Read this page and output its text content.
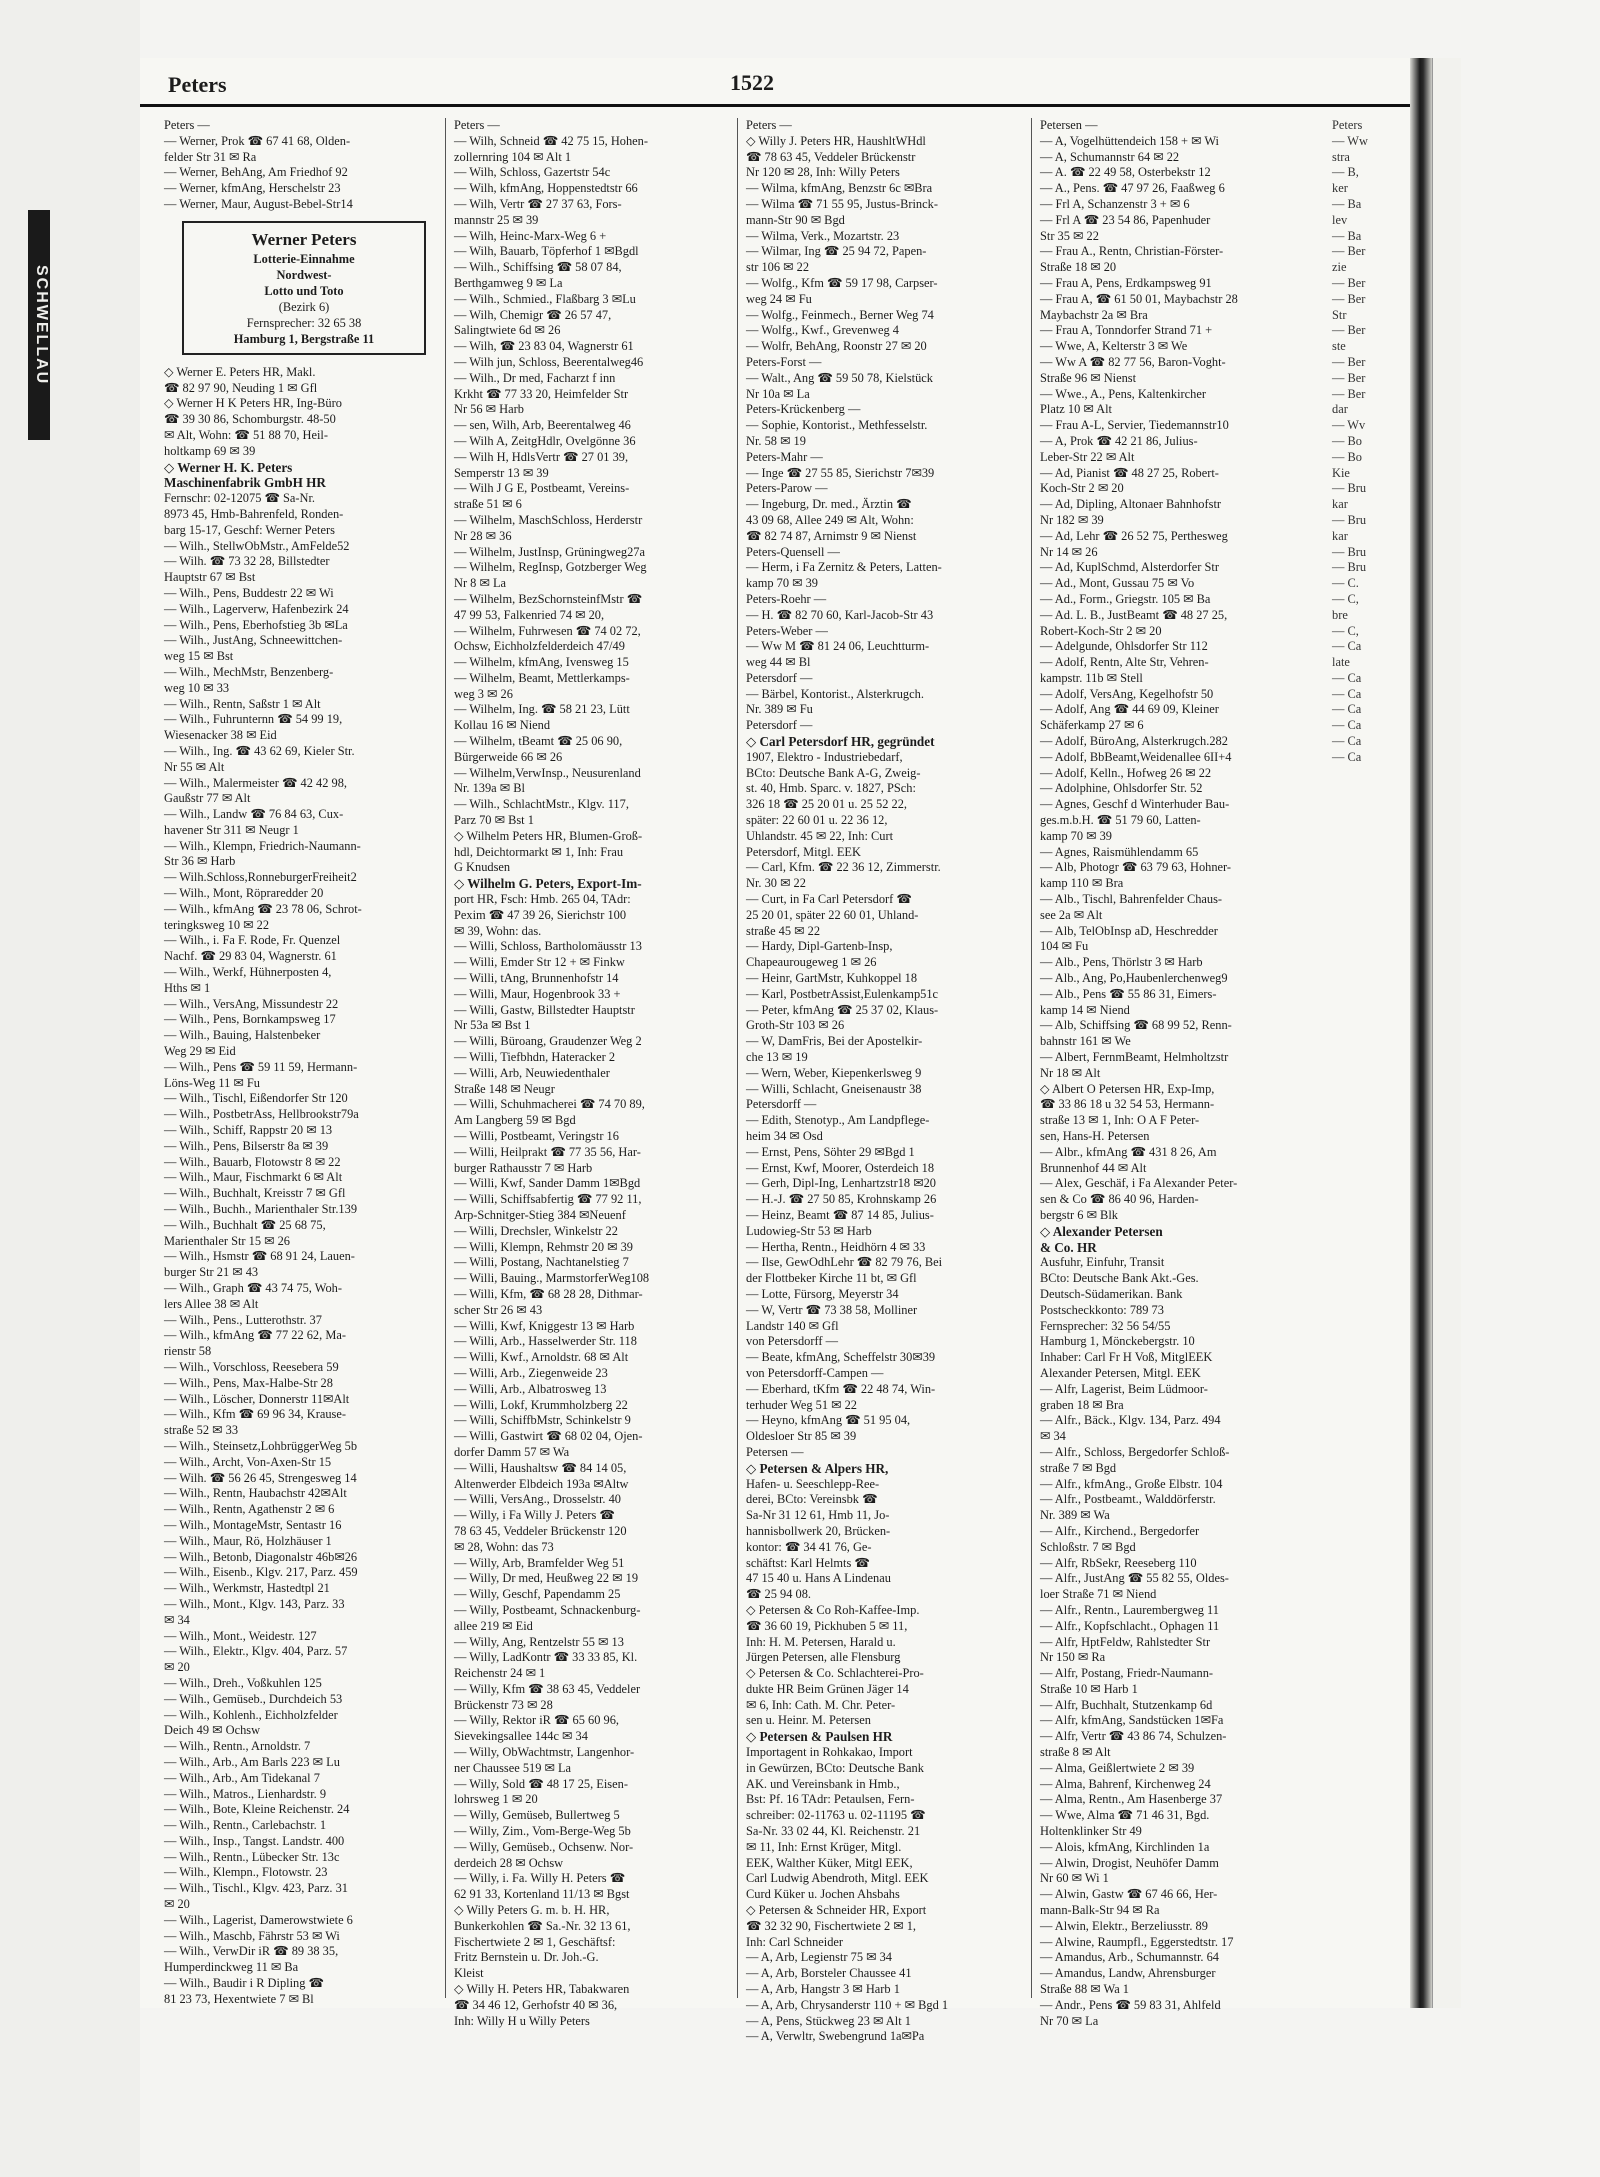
SCHWELLAU
Peters	1522
Peters —
— Werner, Prok ☎ 67 41 68, Olden-
felder Str 31 ✉ Ra
— Werner, BehAng, Am Friedhof 92
— Werner, kfmAng, Herschelstr 23
— Werner, Maur, August-Bebel-Str14
Werner Peters
Lotterie-Einnahme
Nordwest-
Lotto und Toto
(Bezirk 6)
Fernsprecher: 32 65 38
Hamburg 1, Bergstraße 11
◇ Werner E. Peters HR, Makl.
☎ 82 97 90, Neuding 1 ✉ Gfl
◇ Werner H K Peters HR, Ing-Büro
☎ 39 30 86, Schomburgstr. 48-50
✉ Alt, Wohn: ☎ 51 88 70, Heil-
holtkamp 69 ✉ 39
◇ Werner H. K. Peters
Maschinenfabrik GmbH HR
Fernschr: 02-12075 ☎ Sa-Nr.
8973 45, Hmb-Bahrenfeld, Ronden-
barg 15-17, Geschf: Werner Peters
— Wilh., StellwObMstr., AmFelde52
— Wilh. ☎ 73 32 28, Billstedter
Hauptstr 67 ✉ Bst
— Wilh., Pens, Buddestr 22 ✉ Wi
— Wilh., Lagerverw, Hafenbezirk 24
— Wilh., Pens, Eberhofstieg 3b ✉La
— Wilh., JustAng, Schneewittchen-
weg 15 ✉ Bst
— Wilh., MechMstr, Benzenberg-
weg 10 ✉ 33
— Wilh., Rentn, Saßstr 1 ✉ Alt
— Wilh., Fuhrunternn ☎ 54 99 19,
Wiesenacker 38 ✉ Eid
— Wilh., Ing. ☎ 43 62 69, Kieler Str.
Nr 55 ✉ Alt
— Wilh., Malermeister ☎ 42 42 98,
Gaußstr 77 ✉ Alt
— Wilh., Landw ☎ 76 84 63, Cux-
havener Str 311 ✉ Neugr 1
— Wilh., Klempn, Friedrich-Naumann-
Str 36 ✉ Harb
— Wilh.Schloss,RonneburgerFreiheit2
— Wilh., Mont, Röpraredder 20
— Wilh., kfmAng ☎ 23 78 06, Schrot-
teringksweg 10 ✉ 22
— Wilh., i. Fa F. Rode, Fr. Quenzel
Nachf. ☎ 29 83 04, Wagnerstr. 61
— Wilh., Werkf, Hühnerposten 4,
Hths ✉ 1
— Wilh., VersAng, Missundestr 22
— Wilh., Pens, Bornkampsweg 17
— Wilh., Bauing, Halstenbeker
Weg 29 ✉ Eid
— Wilh., Pens ☎ 59 11 59, Hermann-
Löns-Weg 11 ✉ Fu
— Wilh., Tischl, Eißendorfer Str 120
— Wilh., PostbetrAss, Hellbrookstr79a
— Wilh., Schiff, Rappstr 20 ✉ 13
— Wilh., Pens, Bilserstr 8a ✉ 39
— Wilh., Bauarb, Flotowstr 8 ✉ 22
— Wilh., Maur, Fischmarkt 6 ✉ Alt
— Wilh., Buchhalt, Kreisstr 7 ✉ Gfl
— Wilh., Buchh., Marienthaler Str.139
— Wilh., Buchhalt ☎ 25 68 75,
Marienthaler Str 15 ✉ 26
— Wilh., Hsmstr ☎ 68 91 24, Lauen-
burger Str 21 ✉ 43
— Wilh., Graph ☎ 43 74 75, Woh-
lers Allee 38 ✉ Alt
— Wilh., Pens., Lutterothstr. 37
— Wilh., kfmAng ☎ 77 22 62, Ma-
rienstr 58
— Wilh., Vorschloss, Reesebera 59
— Wilh., Pens, Max-Halbe-Str 28
— Wilh., Löscher, Donnerstr 11✉Alt
— Wilh., Kfm ☎ 69 96 34, Krause-
straße 52 ✉ 33
— Wilh., Steinsetz,LohbrüggerWeg 5b
— Wilh., Archt, Von-Axen-Str 15
— Wilh. ☎ 56 26 45, Strengesweg 14
— Wilh., Rentn, Haubachstr 42✉Alt
— Wilh., Rentn, Agathenstr 2 ✉ 6
— Wilh., MontageMstr, Sentastr 16
— Wilh., Maur, Rö, Holzhäuser 1
— Wilh., Betonb, Diagonalstr 46b✉26
— Wilh., Eisenb., Klgv. 217, Parz. 459
— Wilh., Werkmstr, Hastedtpl 21
— Wilh., Mont., Klgv. 143, Parz. 33
✉ 34
— Wilh., Mont., Weidestr. 127
— Wilh., Elektr., Klgv. 404, Parz. 57
✉ 20
— Wilh., Dreh., Voßkuhlen 125
— Wilh., Gemüseb., Durchdeich 53
— Wilh., Kohlenh., Eichholzfelder
Deich 49 ✉ Ochsw
— Wilh., Rentn., Arnoldstr. 7
— Wilh., Arb., Am Barls 223 ✉ Lu
— Wilh., Arb., Am Tidekanal 7
— Wilh., Matros., Lienhardstr. 9
— Wilh., Bote, Kleine Reichenstr. 24
— Wilh., Rentn., Carlebachstr. 1
— Wilh., Insp., Tangst. Landstr. 400
— Wilh., Rentn., Lübecker Str. 13c
— Wilh., Klempn., Flotowstr. 23
— Wilh., Tischl., Klgv. 423, Parz. 31
✉ 20
— Wilh., Lagerist, Damerowstwiete 6
— Wilh., Maschb, Fährstr 53 ✉ Wi
— Wilh., VerwDir iR ☎ 89 38 35,
Humperdinckweg 11 ✉ Ba
— Wilh., Baudir i R Dipling ☎
81 23 73, Hexentwiete 7 ✉ Bl
Peters —
— Wilh, Schneid ☎ 42 75 15, Hohen-
zollernring 104 ✉ Alt 1
— Wilh, Schloss, Gazertstr 54c
— Wilh, kfmAng, Hoppenstedtstr 66
— Wilh, Vertr ☎ 27 37 63, Fors-
mannstr 25 ✉ 39
— Wilh, Heinc-Marx-Weg 6 +
— Wilh, Bauarb, Töpferhof 1 ✉Bgdl
— Wilh., Schiffsing ☎ 58 07 84,
Berthgamweg 9 ✉ La
— Wilh., Schmied., Flaßbarg 3 ✉Lu
— Wilh, Chemigr ☎ 26 57 47,
Salingtwiete 6d ✉ 26
— Wilh, ☎ 23 83 04, Wagnerstr 61
— Wilh jun, Schloss, Beerentalweg46
— Wilh., Dr med, Facharzt f inn
Krkht ☎ 77 33 20, Heimfelder Str
Nr 56 ✉ Harb
— sen, Wilh, Arb, Beerentalweg 46
— Wilh A, ZeitgHdlr, Ovelgönne 36
— Wilh H, HdlsVertr ☎ 27 01 39,
Semperstr 13 ✉ 39
— Wilh J G E, Postbeamt, Vereins-
straße 51 ✉ 6
— Wilhelm, MaschSchloss, Herderstr
Nr 28 ✉ 36
— Wilhelm, JustInsp, Grüningweg27a
— Wilhelm, RegInsp, Gotzberger Weg
Nr 8 ✉ La
— Wilhelm, BezSchornsteinfMstr ☎
47 99 53, Falkenried 74 ✉ 20,
— Wilhelm, Fuhrwesen ☎ 74 02 72,
Ochsw, Eichholzfelderdeich 47/49
— Wilhelm, kfmAng, Ivensweg 15
— Wilhelm, Beamt, Mettlerkamps-
weg 3 ✉ 26
— Wilhelm, Ing. ☎ 58 21 23, Lütt
Kollau 16 ✉ Niend
— Wilhelm, tBeamt ☎ 25 06 90,
Bürgerweide 66 ✉ 26
— Wilhelm,VerwInsp., Neusurenland
Nr. 139a ✉ Bl
— Wilh., SchlachtMstr., Klgv. 117,
Parz 70 ✉ Bst 1
◇ Wilhelm Peters HR, Blumen-Groß-
hdl, Deichtormarkt ✉ 1, Inh: Frau
G Knudsen
◇ Wilhelm G. Peters, Export-Im-
port HR, Fsch: Hmb. 265 04, TAdr:
Pexim ☎ 47 39 26, Sierichstr 100
✉ 39, Wohn: das.
— Willi, Schloss, Bartholomäusstr 13
— Willi, Emder Str 12 + ✉ Finkw
— Willi, tAng, Brunnenhofstr 14
— Willi, Maur, Hogenbrook 33 +
— Willi, Gastw, Billstedter Hauptstr
Nr 53a ✉ Bst 1
— Willi, Büroang, Graudenzer Weg 2
— Willi, Tiefbhdn, Hateracker 2
— Willi, Arb, Neuwiedenthaler
Straße 148 ✉ Neugr
— Willi, Schuhmacherei ☎ 74 70 89,
Am Langberg 59 ✉ Bgd
— Willi, Postbeamt, Veringstr 16
— Willi, Heilprakt ☎ 77 35 56, Har-
burger Rathausstr 7 ✉ Harb
— Willi, Kwf, Sander Damm 1✉Bgd
— Willi, Schiffsabfertig ☎ 77 92 11,
Arp-Schnitger-Stieg 384 ✉Neuenf
— Willi, Drechsler, Winkelstr 22
— Willi, Klempn, Rehmstr 20 ✉ 39
— Willi, Postang, Nachtanelstieg 7
— Willi, Bauing., MarmstorferWeg108
— Willi, Kfm, ☎ 68 28 28, Dithmar-
scher Str 26 ✉ 43
— Willi, Kwf, Kniggestr 13 ✉ Harb
— Willi, Arb., Hasselwerder Str. 118
— Willi, Kwf., Arnoldstr. 68 ✉ Alt
— Willi, Arb., Ziegenweide 23
— Willi, Arb., Albatrosweg 13
— Willi, Lokf, Krummholzberg 22
— Willi, SchiffbMstr, Schinkelstr 9
— Willi, Gastwirt ☎ 68 02 04, Ojen-
dorfer Damm 57 ✉ Wa
— Willi, Haushaltsw ☎ 84 14 05,
Altenwerder Elbdeich 193a ✉Altw
— Willi, VersAng., Drosselstr. 40
— Willy, i Fa Willy J. Peters ☎
78 63 45, Veddeler Brückenstr 120
✉ 28, Wohn: das 73
— Willy, Arb, Bramfelder Weg 51
— Willy, Dr med, Heußweg 22 ✉ 19
— Willy, Geschf, Papendamm 25
— Willy, Postbeamt, Schnackenburg-
allee 219 ✉ Eid
— Willy, Ang, Rentzelstr 55 ✉ 13
— Willy, LadKontr ☎ 33 33 85, Kl.
Reichenstr 24 ✉ 1
— Willy, Kfm ☎ 38 63 45, Veddeler
Brückenstr 73 ✉ 28
— Willy, Rektor iR ☎ 65 60 96,
Sievekingsallee 144c ✉ 34
— Willy, ObWachtmstr, Langenhor-
ner Chaussee 519 ✉ La
— Willy, Sold ☎ 48 17 25, Eisen-
lohrsweg 1 ✉ 20
— Willy, Gemüseb, Bullertweg 5
— Willy, Zim., Vom-Berge-Weg 5b
— Willy, Gemüseb., Ochsenw. Nor-
derdeich 28 ✉ Ochsw
— Willy, i. Fa. Willy H. Peters ☎
62 91 33, Kortenland 11/13 ✉ Bgst
◇ Willy Peters G. m. b. H. HR,
Bunkerkohlen ☎ Sa.-Nr. 32 13 61,
Fischertwiete 2 ✉ 1, Geschäftsf:
Fritz Bernstein u. Dr. Joh.-G.
Kleist
◇ Willy H. Peters HR, Tabakwaren
☎ 34 46 12, Gerhofstr 40 ✉ 36,
Inh: Willy H u Willy Peters
Peters —
◇ Willy J. Peters HR, HaushltWHdl
☎ 78 63 45, Veddeler Brückenstr
Nr 120 ✉ 28, Inh: Willy Peters
— Wilma, kfmAng, Benzstr 6c ✉Bra
— Wilma ☎ 71 55 95, Justus-Brinck-
mann-Str 90 ✉ Bgd
— Wilma, Verk., Mozartstr. 23
— Wilmar, Ing ☎ 25 94 72, Papen-
str 106 ✉ 22
— Wolfg., Kfm ☎ 59 17 98, Carpser-
weg 24 ✉ Fu
— Wolfg., Feinmech., Berner Weg 74
— Wolfg., Kwf., Grevenweg 4
— Wolfr, BehAng, Roonstr 27 ✉ 20
Peters-Forst —
— Walt., Ang ☎ 59 50 78, Kielstück
Nr 10a ✉ La
Peters-Krückenberg —
— Sophie, Kontorist., Methfesselstr.
Nr. 58 ✉ 19
Peters-Mahr —
— Inge ☎ 27 55 85, Sierichstr 7✉39
Peters-Parow —
— Ingeburg, Dr. med., Ärztin ☎
43 09 68, Allee 249 ✉ Alt, Wohn:
☎ 82 74 87, Arnimstr 9 ✉ Nienst
Peters-Quensell —
— Herm, i Fa Zernitz & Peters, Latten-
kamp 70 ✉ 39
Peters-Roehr —
— H. ☎ 82 70 60, Karl-Jacob-Str 43
Peters-Weber —
— Ww M ☎ 81 24 06, Leuchtturm-
weg 44 ✉ Bl
Petersdorf —
— Bärbel, Kontorist., Alsterkrugch.
Nr. 389 ✉ Fu
Petersdorf —
◇ Carl Petersdorf HR, gegründet
1907, Elektro - Industriebedarf,
BCto: Deutsche Bank A-G, Zweig-
st. 40, Hmb. Sparc. v. 1827, PSch:
326 18 ☎ 25 20 01 u. 25 52 22,
später: 22 60 01 u. 22 36 12,
Uhlandstr. 45 ✉ 22, Inh: Curt
Petersdorf, Mitgl. EEK
— Carl, Kfm. ☎ 22 36 12, Zimmerstr.
Nr. 30 ✉ 22
— Curt, in Fa Carl Petersdorf ☎
25 20 01, später 22 60 01, Uhland-
straße 45 ✉ 22
— Hardy, Dipl-Gartenb-Insp,
Chapeaurougeweg 1 ✉ 26
— Heinr, GartMstr, Kuhkoppel 18
— Karl, PostbetrAssist,Eulenkamp51c
— Peter, kfmAng ☎ 25 37 02, Klaus-
Groth-Str 103 ✉ 26
— W, DamFris, Bei der Apostelkir-
che 13 ✉ 19
— Wern, Weber, Kiepenkerlsweg 9
— Willi, Schlacht, Gneisenaustr 38
Petersdorff —
— Edith, Stenotyp., Am Landpflege-
heim 34 ✉ Osd
— Ernst, Pens, Söhter 29 ✉Bgd 1
— Ernst, Kwf, Moorer, Osterdeich 18
— Gerh, Dipl-Ing, Lenhartzstr18 ✉20
— H.-J. ☎ 27 50 85, Krohnskamp 26
— Heinz, Beamt ☎ 87 14 85, Julius-
Ludowieg-Str 53 ✉ Harb
— Hertha, Rentn., Heidhörn 4 ✉ 33
— Ilse, GewOdhLehr ☎ 82 79 76, Bei
der Flottbeker Kirche 11 bt, ✉ Gfl
— Lotte, Fürsorg, Meyerstr 34
— W, Vertr ☎ 73 38 58, Molliner
Landstr 140 ✉ Gfl
von Petersdorff —
— Beate, kfmAng, Scheffelstr 30✉39
von Petersdorff-Campen —
— Eberhard, tKfm ☎ 22 48 74, Win-
terhuder Weg 51 ✉ 22
— Heyno, kfmAng ☎ 51 95 04,
Oldesloer Str 85 ✉ 39
Petersen —
◇ Petersen & Alpers HR,
Hafen- u. Seeschlepp-Ree-
derei, BCto: Vereinsbk ☎
Sa-Nr 31 12 61, Hmb 11, Jo-
hannisbollwerk 20, Brücken-
kontor: ☎ 34 41 76, Ge-
schäftst: Karl Helmts ☎
47 15 40 u. Hans A Lindenau
☎ 25 94 08.
◇ Petersen & Co Roh-Kaffee-Imp.
☎ 36 60 19, Pickhuben 5 ✉ 11,
Inh: H. M. Petersen, Harald u.
Jürgen Petersen, alle Flensburg
◇ Petersen & Co. Schlachterei-Pro-
dukte HR Beim Grünen Jäger 14
✉ 6, Inh: Cath. M. Chr. Peter-
sen u. Heinr. M. Petersen
◇ Petersen & Paulsen HR
Importagent in Rohkakao, Import
in Gewürzen, BCto: Deutsche Bank
AK. und Vereinsbank in Hmb.,
Bst: Pf. 16 TAdr: Petaulsen, Fern-
schreiber: 02-11763 u. 02-11195 ☎
Sa-Nr. 33 02 44, Kl. Reichenstr. 21
✉ 11, Inh: Ernst Krüger, Mitgl.
EEK, Walther Küker, Mitgl EEK,
Carl Ludwig Abendroth, Mitgl. EEK
Curd Küker u. Jochen Ahsbahs
◇ Petersen & Schneider HR, Export
☎ 32 32 90, Fischertwiete 2 ✉ 1,
Inh: Carl Schneider
— A, Arb, Legienstr 75 ✉ 34
— A, Arb, Borsteler Chaussee 41
— A, Arb, Hangstr 3 ✉ Harb 1
— A, Arb, Chrysanderstr 110 + ✉ Bgd 1
— A, Pens, Stückweg 23 ✉ Alt 1
— A, Verwltr, Swebengrund 1a✉Pa
Petersen —
— A, Vogelhüttendeich 158 + ✉ Wi
— A, Schumannstr 64 ✉ 22
— A. ☎ 22 49 58, Osterbekstr 12
— A., Pens. ☎ 47 97 26, Faaßweg 6
— Frl A, Schanzenstr 3 + ✉ 6
— Frl A ☎ 23 54 86, Papenhuder
Str 35 ✉ 22
— Frau A., Rentn, Christian-Förster-
Straße 18 ✉ 20
— Frau A, Pens, Erdkampsweg 91
— Frau A, ☎ 61 50 01, Maybachstr 28
Maybachstr 2a ✉ Bra
— Frau A, Tonndorfer Strand 71 +
— Wwe, A, Kelterstr 3 ✉ We
— Ww A ☎ 82 77 56, Baron-Voght-
Straße 96 ✉ Nienst
— Wwe., A., Pens, Kaltenkircher
Platz 10 ✉ Alt
— Frau A-L, Servier, Tiedemannstr10
— A, Prok ☎ 42 21 86, Julius-
Leber-Str 22 ✉ Alt
— Ad, Pianist ☎ 48 27 25, Robert-
Koch-Str 2 ✉ 20
— Ad, Dipling, Altonaer Bahnhofstr
Nr 182 ✉ 39
— Ad, Lehr ☎ 26 52 75, Perthesweg
Nr 14 ✉ 26
— Ad, KuplSchmd, Alsterdorfer Str
— Ad., Mont, Gussau 75 ✉ Vo
— Ad., Form., Griegstr. 105 ✉ Ba
— Ad. L. B., JustBeamt ☎ 48 27 25,
Robert-Koch-Str 2 ✉ 20
— Adelgunde, Ohlsdorfer Str 112
— Adolf, Rentn, Alte Str, Vehren-
kampstr. 11b ✉ Stell
— Adolf, VersAng, Kegelhofstr 50
— Adolf, Ang ☎ 44 69 09, Kleiner
Schäferkamp 27 ✉ 6
— Adolf, BüroAng, Alsterkrugch.282
— Adolf, BbBeamt,Weidenallee 6II+4
— Adolf, Kelln., Hofweg 26 ✉ 22
— Adolphine, Ohlsdorfer Str. 52
— Agnes, Geschf d Winterhuder Bau-
ges.m.b.H. ☎ 51 79 60, Latten-
kamp 70 ✉ 39
— Agnes, Raismühlendamm 65
— Alb, Photogr ☎ 63 79 63, Hohner-
kamp 110 ✉ Bra
— Alb., Tischl, Bahrenfelder Chaus-
see 2a ✉ Alt
— Alb, TelObInsp aD, Heschredder
104 ✉ Fu
— Alb., Pens, Thörlstr 3 ✉ Harb
— Alb., Ang, Po,Haubenlerchenweg9
— Alb., Pens ☎ 55 86 31, Eimers-
kamp 14 ✉ Niend
— Alb, Schiffsing ☎ 68 99 52, Renn-
bahnstr 161 ✉ We
— Albert, FernmBeamt, Helmholtzstr
Nr 18 ✉ Alt
◇ Albert O Petersen HR, Exp-Imp,
☎ 33 86 18 u 32 54 53, Hermann-
straße 13 ✉ 1, Inh: O A F Peter-
sen, Hans-H. Petersen
— Albr., kfmAng ☎ 431 8 26, Am
Brunnenhof 44 ✉ Alt
— Alex, Geschäf, i Fa Alexander Peter-
sen & Co ☎ 86 40 96, Harden-
bergstr 6 ✉ Blk
◇ Alexander Petersen
& Co. HR
Ausfuhr, Einfuhr, Transit
BCto: Deutsche Bank Akt.-Ges.
Deutsch-Südamerikan. Bank
Postscheckkonto: 789 73
Fernsprecher: 32 56 54/55
Hamburg 1, Mönckebergstr. 10
Inhaber: Carl Fr H Voß, MitglEEK
Alexander Petersen, Mitgl. EEK
— Alfr, Lagerist, Beim Lüdmoor-
graben 18 ✉ Bra
— Alfr., Bäck., Klgv. 134, Parz. 494
✉ 34
— Alfr., Schloss, Bergedorfer Schloß-
straße 7 ✉ Bgd
— Alfr., kfmAng., Große Elbstr. 104
— Alfr., Postbeamt., Walddörferstr.
Nr. 389 ✉ Wa
— Alfr., Kirchend., Bergedorfer
Schloßstr. 7 ✉ Bgd
— Alfr, RbSekr, Reeseberg 110
— Alfr., JustAng ☎ 55 82 55, Oldes-
loer Straße 71 ✉ Niend
— Alfr., Rentn., Laurembergweg 11
— Alfr., Kopfschlacht., Ophagen 11
— Alfr, HptFeldw, Rahlstedter Str
Nr 150 ✉ Ra
— Alfr, Postang, Friedr-Naumann-
Straße 10 ✉ Harb 1
— Alfr, Buchhalt, Stutzenkamp 6d
— Alfr, kfmAng, Sandstücken 1✉Fa
— Alfr, Vertr ☎ 43 86 74, Schulzen-
straße 8 ✉ Alt
— Alma, Geißlertwiete 2 ✉ 39
— Alma, Bahrenf, Kirchenweg 24
— Alma, Rentn., Am Hasenberge 37
— Wwe, Alma ☎ 71 46 31, Bgd.
Holtenklinker Str 49
— Alois, kfmAng, Kirchlinden 1a
— Alwin, Drogist, Neuhöfer Damm
Nr 60 ✉ Wi 1
— Alwin, Gastw ☎ 67 46 66, Her-
mann-Balk-Str 94 ✉ Ra
— Alwin, Elektr., Berzeliusstr. 89
— Alwine, Raumpfl., Eggerstedtstr. 17
— Amandus, Arb., Schumannstr. 64
— Amandus, Landw, Ahrensburger
Straße 88 ✉ Wa 1
— Andr., Pens ☎ 59 83 31, Ahlfeld
Nr 70 ✉ La
Peters
— Ww
stra
— B,
ker
— Ba
lev
— Ba
— Ber
zie
— Ber
— Ber
Str
— Ber
ste
— Ber
— Ber
— Ber
dar
— Wv
— Bo
— Bo
Kie
— Bru
kar
— Bru
kar
— Bru
— Bru
— C.
— C,
bre
— C,
— Ca
late
— Ca
— Ca
— Ca
— Ca
— Ca
— Ca
